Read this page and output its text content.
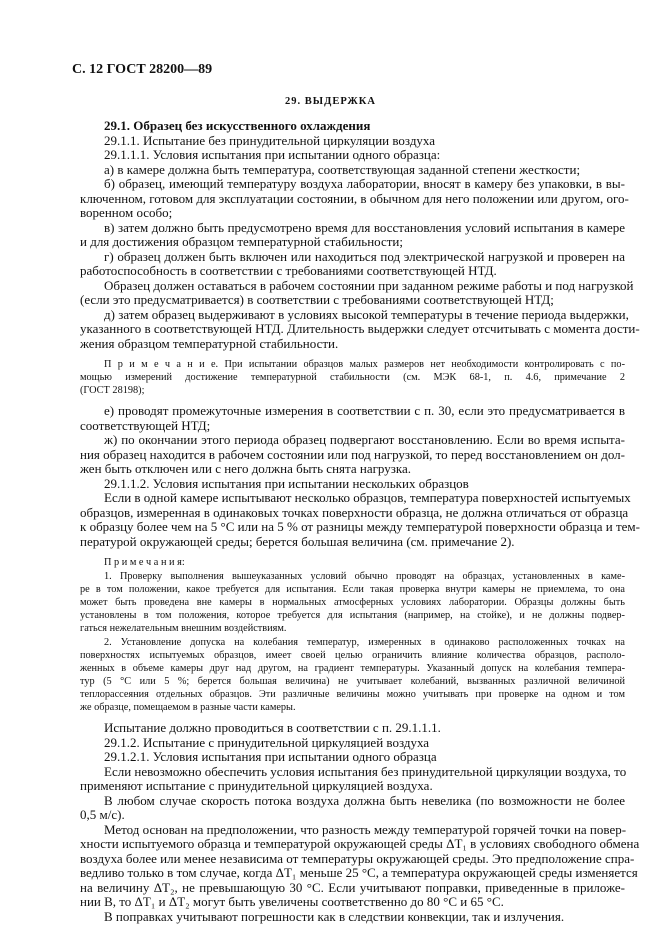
С. 12 ГОСТ 28200—89
29. ВЫДЕРЖКА
29.1. Образец без искусственного охлаждения
29.1.1. Испытание без принудительной циркуляции воздуха
29.1.1.1. Условия испытания при испытании одного образца:
а) в камере должна быть температура, соответствующая заданной степени жесткости;
б) образец, имеющий температуру воздуха лаборатории, вносят в камеру без упаковки, в вы-
ключенном, готовом для эксплуатации состоянии, в обычном для него положении или другом, ого-
воренном особо;
в) затем должно быть предусмотрено время для восстановления условий испытания в камере
и для достижения образцом температурной стабильности;
г) образец должен быть включен или находиться под электрической нагрузкой и проверен на
работоспособность в соответствии с требованиями соответствующей НТД.
Образец должен оставаться в рабочем состоянии при заданном режиме работы и под нагрузкой
(если это предусматривается) в соответствии с требованиями соответствующей НТД;
д) затем образец выдерживают в условиях высокой температуры в течение периода выдержки,
указанного в соответствующей НТД. Длительность выдержки следует отсчитывать с момента дости-
жения образцом температурной стабильности.
П р и м е ч а н и е. При испытании образцов малых размеров нет необходимости контролировать с по-
мощью измерений достижение температурной стабильности (см. МЭК 68-1, п. 4.6, примечание 2
(ГОСТ 28198);
е) проводят промежуточные измерения в соответствии с п. 30, если это предусматривается в
соответствующей НТД;
ж) по окончании этого периода образец подвергают восстановлению. Если во время испыта-
ния образец находится в рабочем состоянии или под нагрузкой, то перед восстановлением он дол-
жен быть отключен или с него должна быть снята нагрузка.
29.1.1.2. Условия испытания при испытании нескольких образцов
Если в одной камере испытывают несколько образцов, температура поверхностей испытуемых
образцов, измеренная в одинаковых точках поверхности образца, не должна отличаться от образца
к образцу более чем на 5 °С или на 5 % от разницы между температурой поверхности образца и тем-
пературой окружающей среды; берется большая величина (см. примечание 2).
П р и м е ч а н и я:
1. Проверку выполнения вышеуказанных условий обычно проводят на образцах, установленных в каме-
ре в том положении, какое требуется для испытания. Если такая проверка внутри камеры не приемлема, то она
может быть проведена вне камеры в нормальных атмосферных условиях лаборатории. Образцы должны быть
установлены в том положения, которое требуется для испытания (например, на стойке), и не должны подвер-
гаться нежелательным внешним воздействиям.
2. Установление допуска на колебания температур, измеренных в одинаково расположенных точках на
поверхностях испытуемых образцов, имеет своей целью ограничить влияние количества образцов, располо-
женных в объеме камеры друг над другом, на градиент температуры. Указанный допуск на колебания темпера-
тур (5 °С или 5 %; берется большая величина) не учитывает колебаний, вызванных различной величиной
теплорассеяния отдельных образцов. Эти различные величины можно учитывать при проверке на одном и том
же образце, помещаемом в разные части камеры.
Испытание должно проводиться в соответствии с п. 29.1.1.1.
29.1.2. Испытание с принудительной циркуляцией воздуха
29.1.2.1. Условия испытания при испытании одного образца
Если невозможно обеспечить условия испытания без принудительной циркуляции воздуха, то
применяют испытание с принудительной циркуляцией воздуха.
В любом случае скорость потока воздуха должна быть невелика (по возможности не более
0,5 м/с).
Метод основан на предположении, что разность между температурой горячей точки на повер-
хности испытуемого образца и температурой окружающей среды ΔT₁ в условиях свободного обмена
воздуха более или менее независима от температуры окружающей среды. Это предположение спра-
ведливо только в том случае, когда ΔT₁ меньше 25 °С, а температура окружающей среды изменяется
на величину ΔT₂, не превышающую 30 °С. Если учитывают поправки, приведенные в приложе-
нии В, то ΔT₁ и ΔT₂ могут быть увеличены соответственно до 80 °С и 65 °С.
В поправках учитывают погрешности как в следствии конвекции, так и излучения.
